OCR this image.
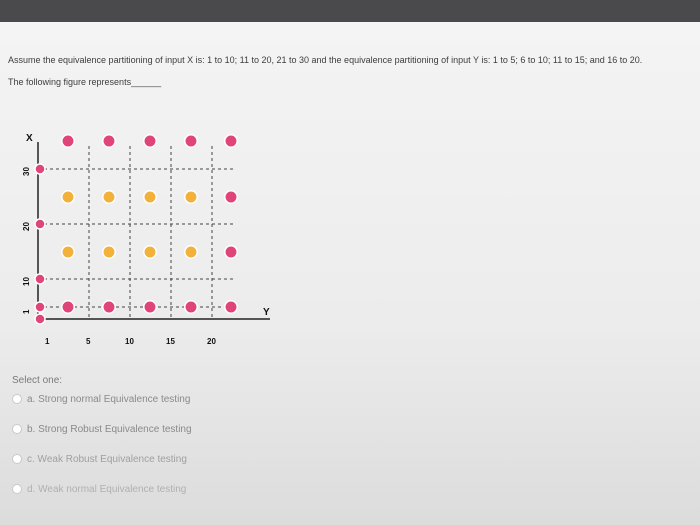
Assume the equivalence partitioning of input X is: 1 to 10; 11 to 20, 21 to 30 and the equivalence partitioning of input Y is: 1 to 5; 6 to 10; 11 to 15; and 16 to 20.
The following figure represents______
X
Y
30
20
10
1
1	5	10	15	20
Select one:
a. Strong normal Equivalence testing
b. Strong Robust Equivalence testing
c. Weak Robust Equivalence testing
d. Weak normal Equivalence testing
